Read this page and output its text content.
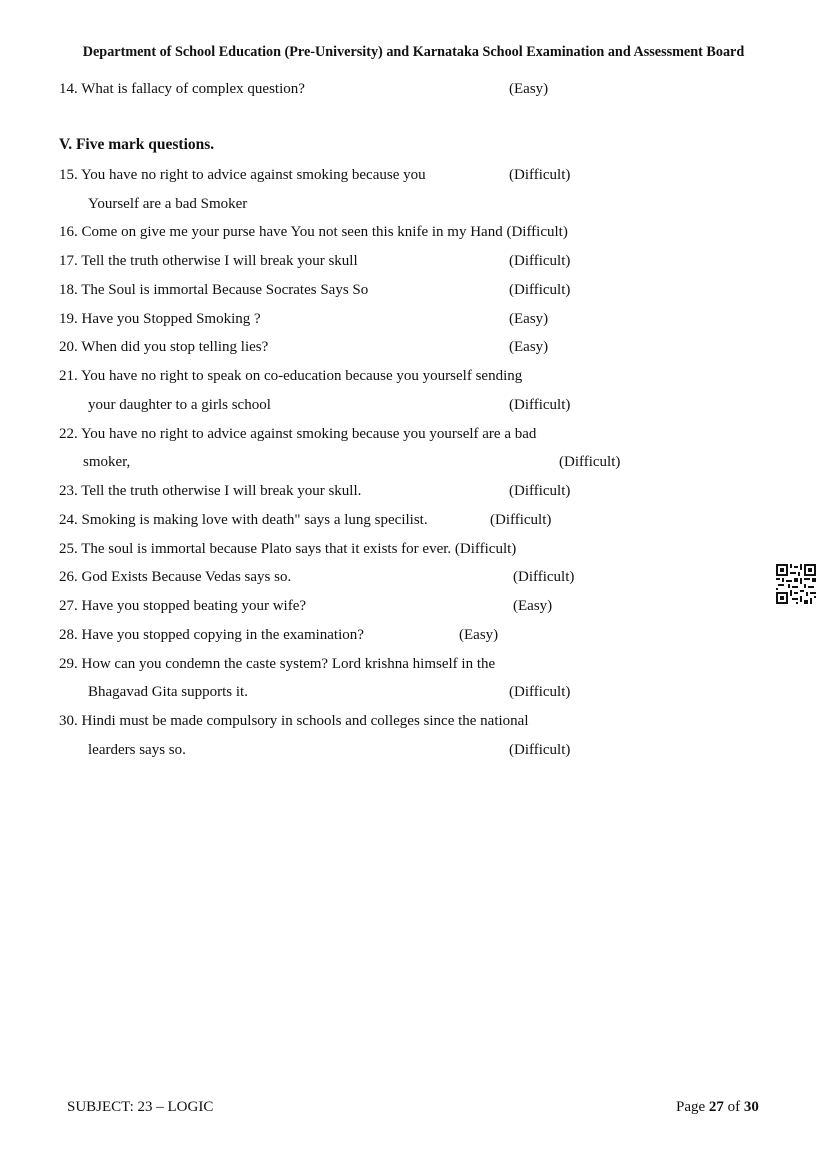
Department of School Education (Pre-University) and Karnataka School Examination and Assessment Board
14. What is fallacy of complex question?	(Easy)
V. Five mark questions.
15. You have no right to advice against smoking because you	(Difficult)
Yourself are a bad Smoker
16. Come on give me your purse have You not seen this knife in my Hand (Difficult)
17. Tell the truth otherwise I will break your skull	(Difficult)
18. The Soul is immortal Because Socrates Says So	(Difficult)
19. Have you Stopped Smoking ?	(Easy)
20. When did you stop telling lies?	(Easy)
21. You have no right to speak on co-education because you yourself sending
your daughter to a girls school	(Difficult)
22. You have no right to advice against smoking because you yourself are a bad
smoker,	(Difficult)
23. Tell the truth otherwise I will break your skull.	(Difficult)
24. Smoking is making love with death" says a lung specilist.	(Difficult)
25. The soul is immortal because Plato says that it exists for ever. (Difficult)
26. God Exists Because Vedas says so.	(Difficult)
27. Have you stopped beating your wife?	(Easy)
28. Have you stopped copying in the examination?	(Easy)
29. How can you condemn the caste system? Lord krishna himself in the
Bhagavad Gita supports it.	(Difficult)
30. Hindi must be made compulsory in schools and colleges since the national
learders says so.	(Difficult)
SUBJECT: 23 – LOGIC	Page 27 of 30
